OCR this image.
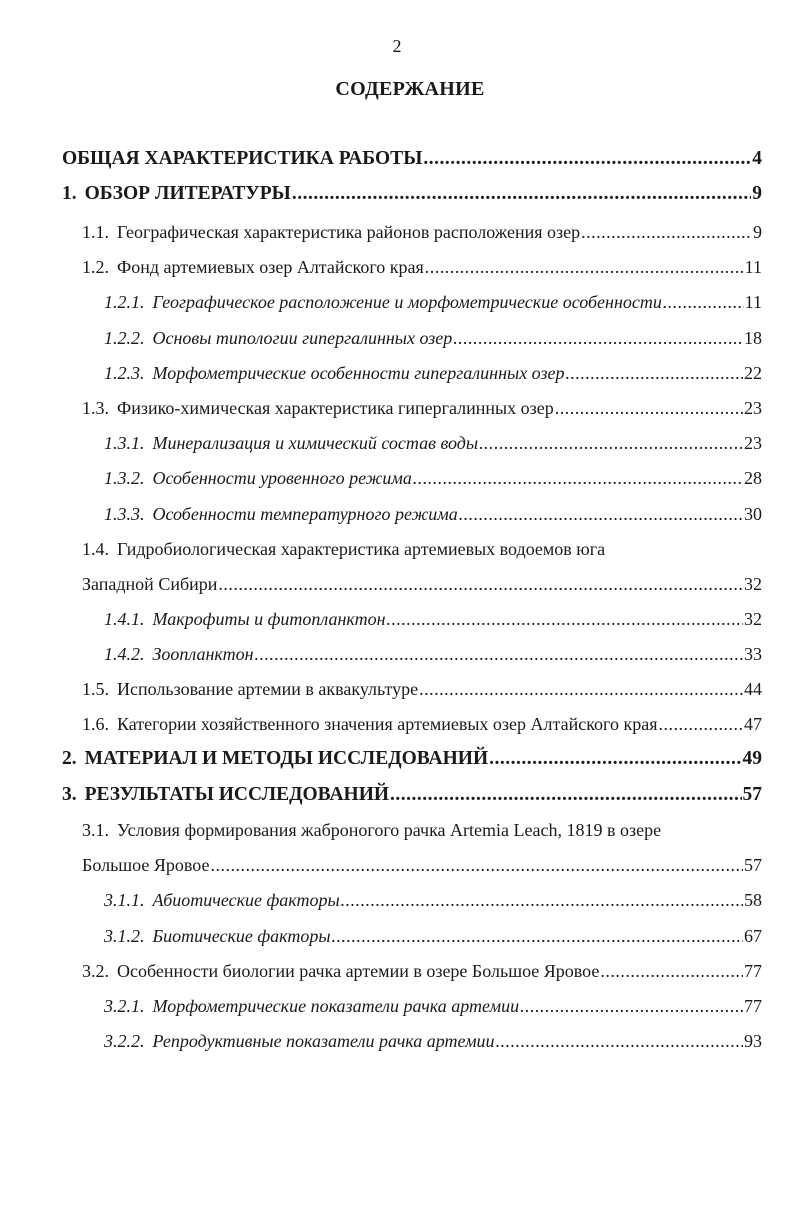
2
СОДЕРЖАНИЕ
ОБЩАЯ ХАРАКТЕРИСТИКА РАБОТЫ .....	4
1. ОБЗОР ЛИТЕРАТУРЫ .....	9
1.1. Географическая характеристика районов расположения озер .....	9
1.2. Фонд артемиевых озер Алтайского края .....	11
1.2.1. Географическое расположение и морфометрические особенности .....	11
1.2.2. Основы типологии гипергалинных озер .....	18
1.2.3. Морфометрические особенности гипергалинных озер .....	22
1.3. Физико-химическая характеристика гипергалинных озер .....	23
1.3.1. Минерализация и химический состав воды .....	23
1.3.2. Особенности уровенного режима .....	28
1.3.3. Особенности температурного режима .....	30
1.4. Гидробиологическая характеристика артемиевых водоемов юга
Западной Сибири .....	32
1.4.1. Макрофиты и фитопланктон .....	32
1.4.2. Зоопланктон .....	33
1.5. Использование артемии в аквакультуре .....	44
1.6. Категории хозяйственного значения артемиевых озер Алтайского края .....	47
2. МАТЕРИАЛ И МЕТОДЫ ИССЛЕДОВАНИЙ .....	49
3. РЕЗУЛЬТАТЫ ИССЛЕДОВАНИЙ .....	57
3.1. Условия формирования жаброногого рачка Artemia Leach, 1819 в озере
Большое Яровое .....	57
3.1.1. Абиотические факторы .....	58
3.1.2. Биотические факторы .....	67
3.2. Особенности биологии рачка артемии в озере Большое Яровое .....	77
3.2.1. Морфометрические показатели рачка артемии .....	77
3.2.2. Репродуктивные показатели рачка артемии .....	93
